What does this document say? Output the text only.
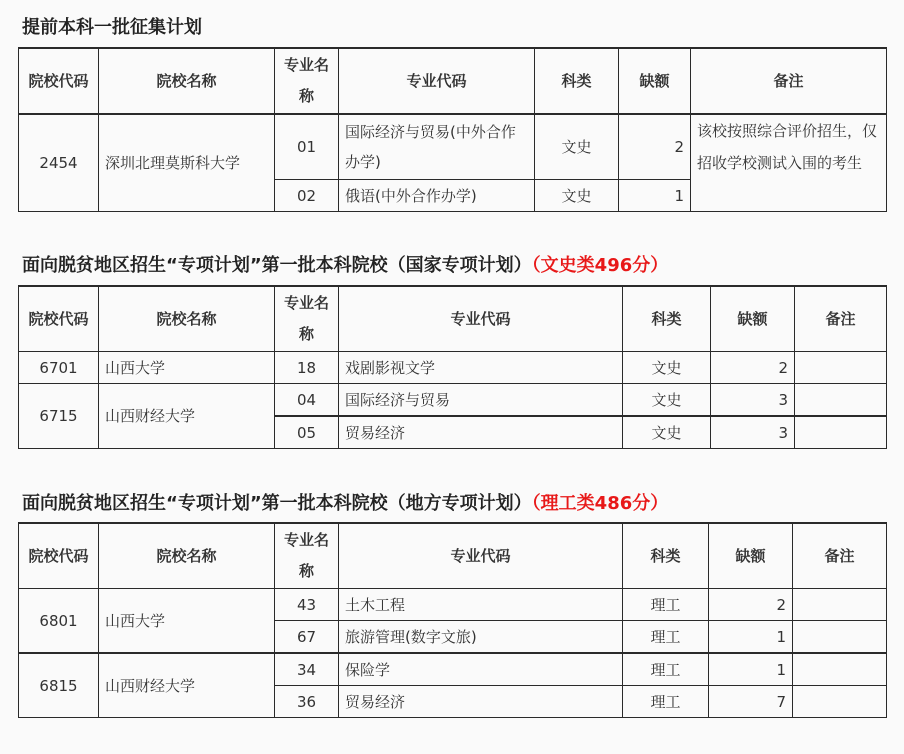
提前本科一批征集计划
院校代码	院校名称	专业名称	专业代码	科类	缺额	备注
2454	深圳北理莫斯科大学	01	国际经济与贸易(中外合作办学)	文史	2	该校按照综合评价招生，仅招收学校测试入围的考生
		02	俄语(中外合作办学)	文史	1	
面向脱贫地区招生“专项计划”第一批本科院校（国家专项计划）（文史类496分）
院校代码	院校名称	专业名称	专业代码	科类	缺额	备注
6701	山西大学	18	戏剧影视文学	文史	2	
6715	山西财经大学	04	国际经济与贸易	文史	3	
		05	贸易经济	文史	3	
面向脱贫地区招生“专项计划”第一批本科院校（地方专项计划）（理工类486分）
院校代码	院校名称	专业名称	专业代码	科类	缺额	备注
6801	山西大学	43	土木工程	理工	2	
		67	旅游管理(数字文旅)	理工	1	
6815	山西财经大学	34	保险学	理工	1	
		36	贸易经济	理工	7	
